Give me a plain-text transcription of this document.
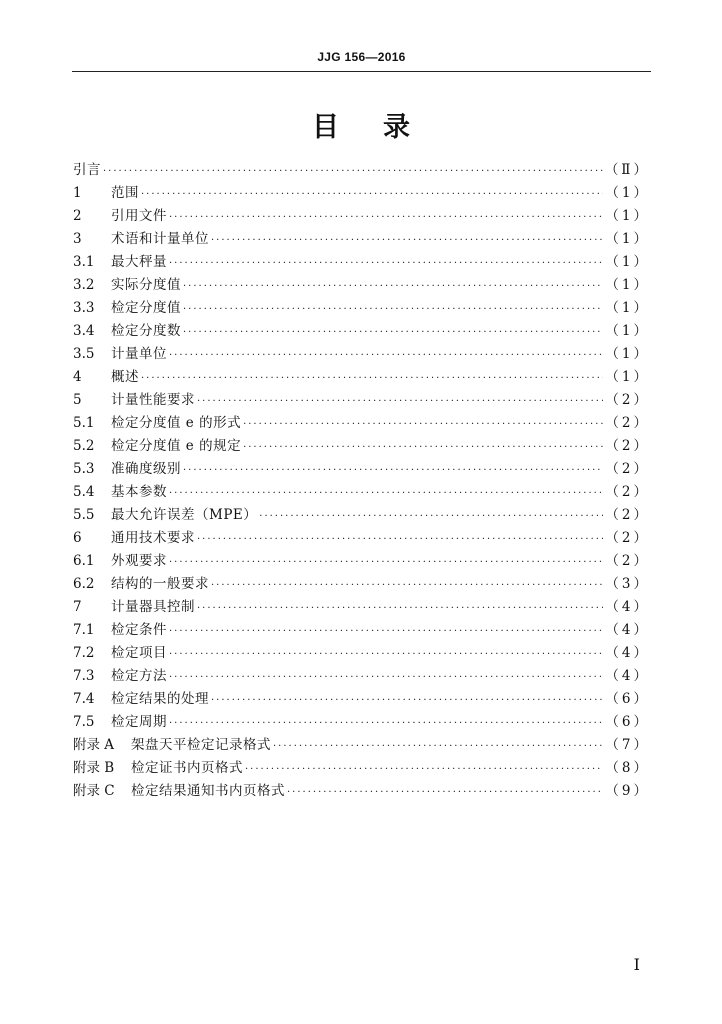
JJG 156—2016
目录
引言 ·····	（Ⅱ）
1	范围 ·····	（1）
2	引用文件 ·····	（1）
3	术语和计量单位 ·····	（1）
3.1	最大秤量 ·····	（1）
3.2	实际分度值 ·····	（1）
3.3	检定分度值 ·····	（1）
3.4	检定分度数 ·····	（1）
3.5	计量单位 ·····	（1）
4	概述 ·····	（1）
5	计量性能要求 ·····	（2）
5.1	检定分度值 e 的形式 ·····	（2）
5.2	检定分度值 e 的规定 ·····	（2）
5.3	准确度级别 ·····	（2）
5.4	基本参数 ·····	（2）
5.5	最大允许误差（MPE） ·····	（2）
6	通用技术要求 ·····	（2）
6.1	外观要求 ·····	（2）
6.2	结构的一般要求 ·····	（3）
7	计量器具控制 ·····	（4）
7.1	检定条件 ·····	（4）
7.2	检定项目 ·····	（4）
7.3	检定方法 ·····	（4）
7.4	检定结果的处理 ·····	（6）
7.5	检定周期 ·····	（6）
附录 A	架盘天平检定记录格式 ·····	（7）
附录 B	检定证书内页格式 ·····	（8）
附录 C	检定结果通知书内页格式 ·····	（9）
I
